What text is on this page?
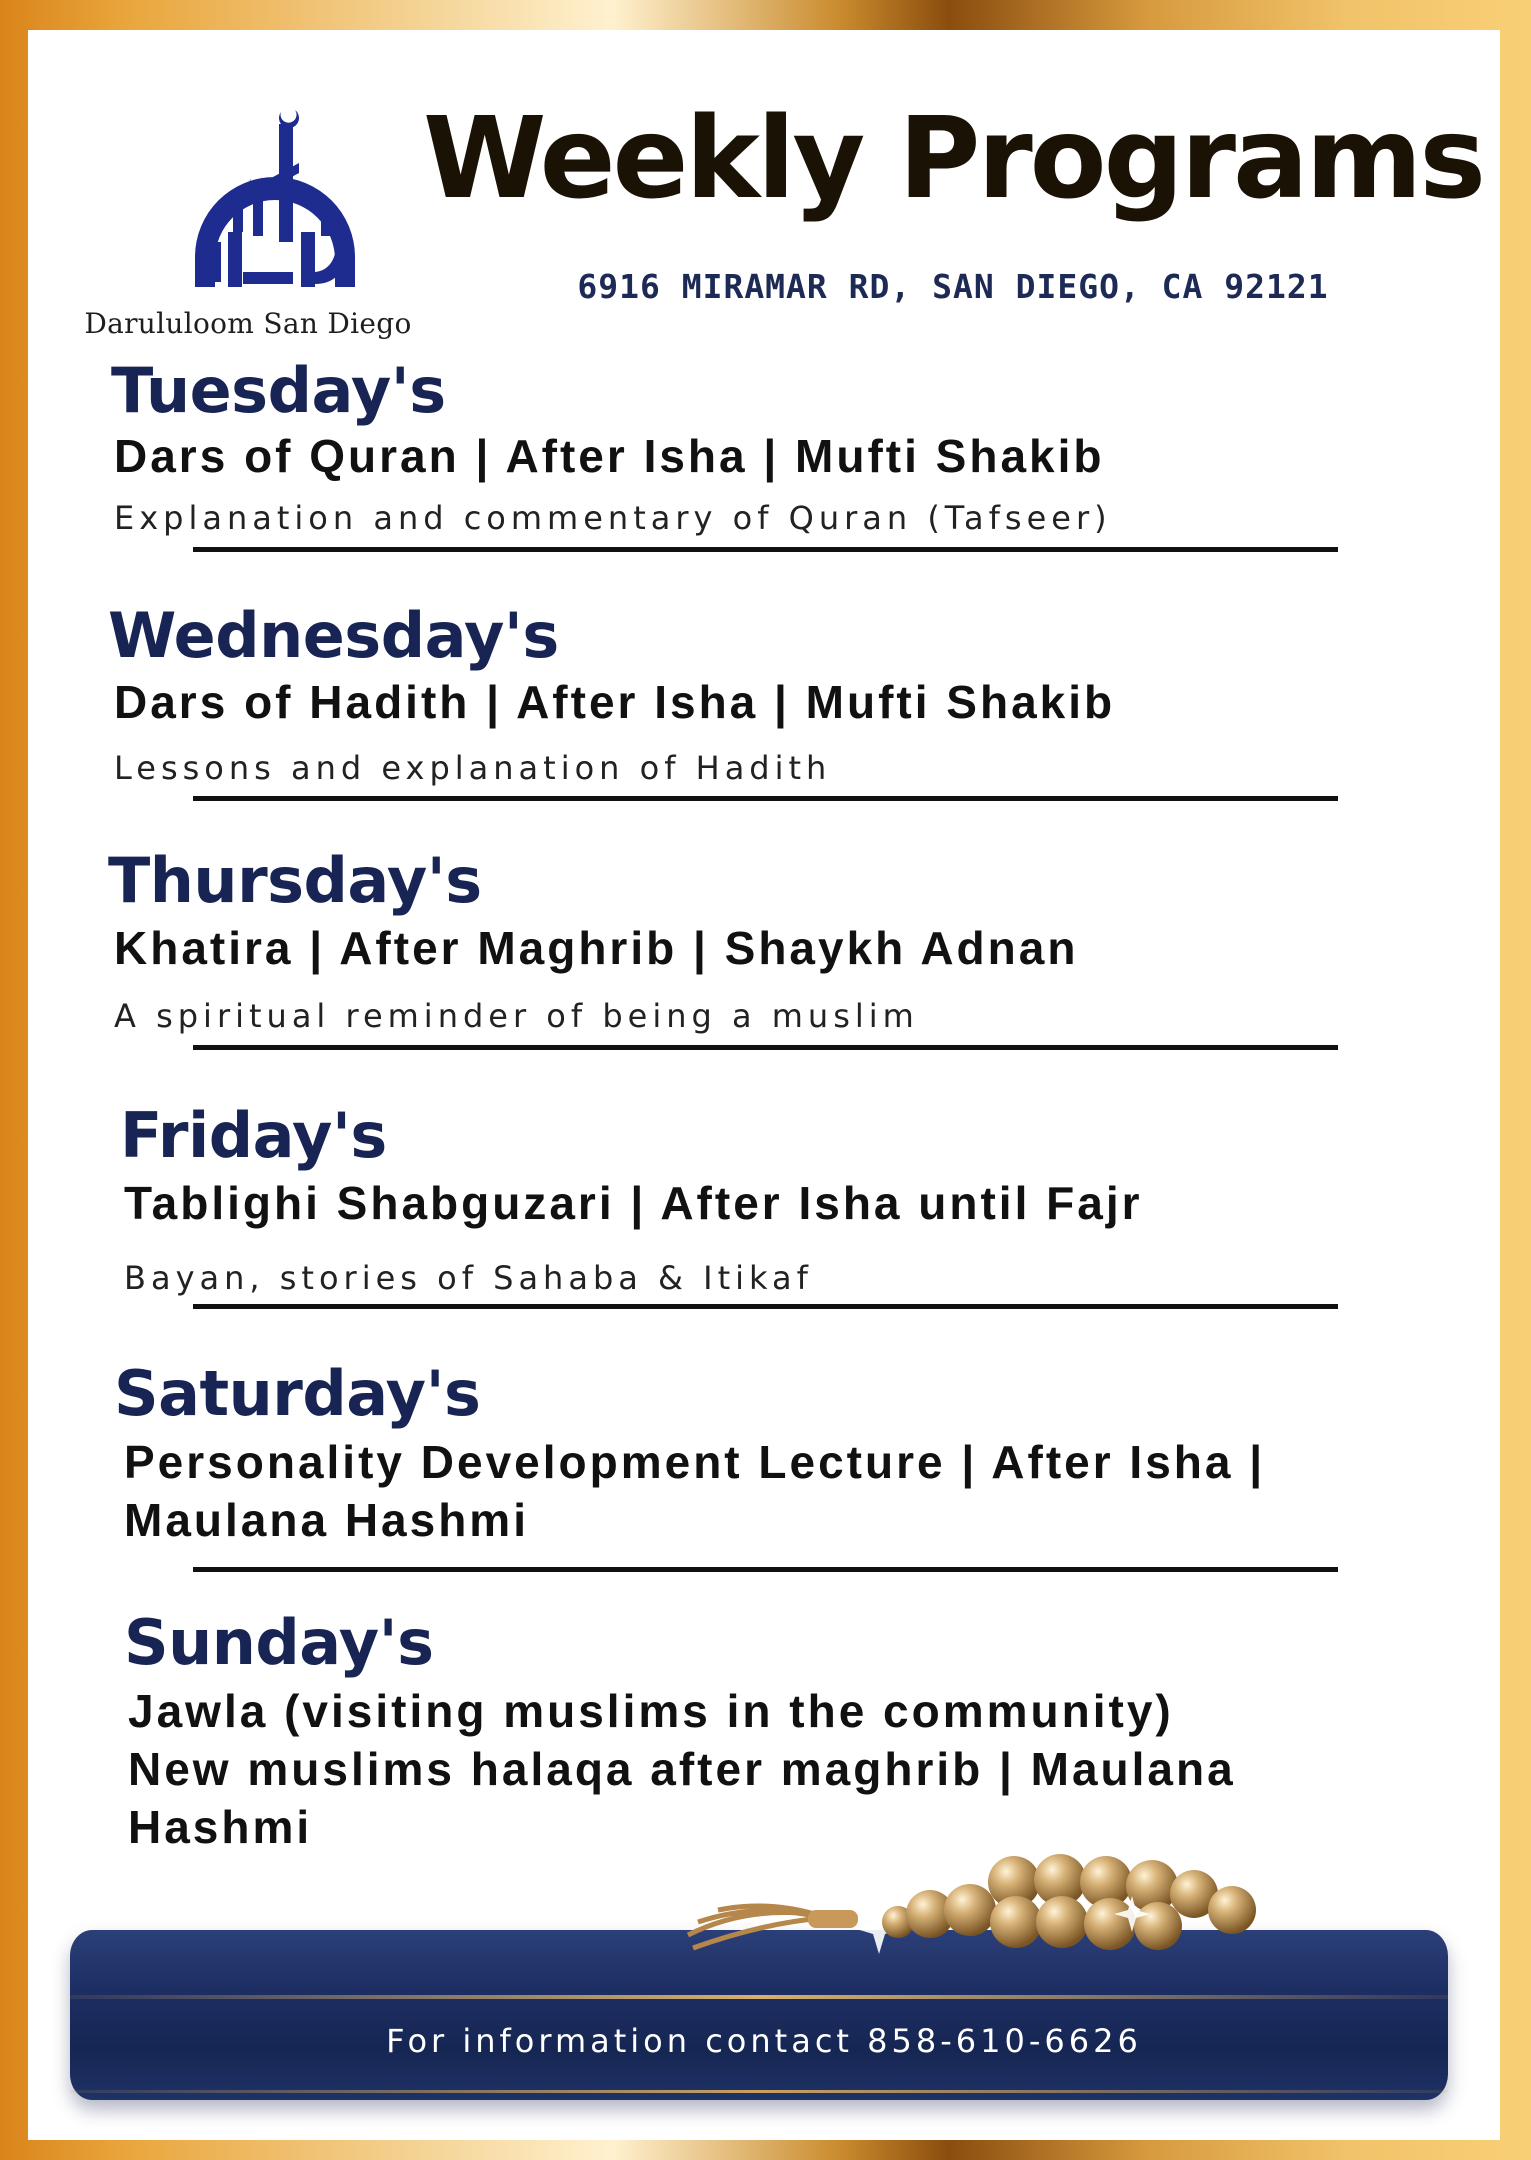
Darululoom San Diego
Weekly Programs
6916 MIRAMAR RD, SAN DIEGO, CA 92121
Tuesday's
Dars of Quran | After Isha | Mufti Shakib
Explanation and commentary of Quran (Tafseer)
Wednesday's
Dars of Hadith | After Isha | Mufti Shakib
Lessons and explanation of Hadith
Thursday's
Khatira | After Maghrib | Shaykh Adnan
A spiritual reminder of being a muslim
Friday's
Tablighi Shabguzari | After Isha until Fajr
Bayan, stories of Sahaba & Itikaf
Saturday's
Personality Development Lecture | After Isha |
Maulana Hashmi
Sunday's
Jawla (visiting muslims in the community)
New muslims halaqa after maghrib | Maulana
Hashmi
For information contact 858-610-6626
